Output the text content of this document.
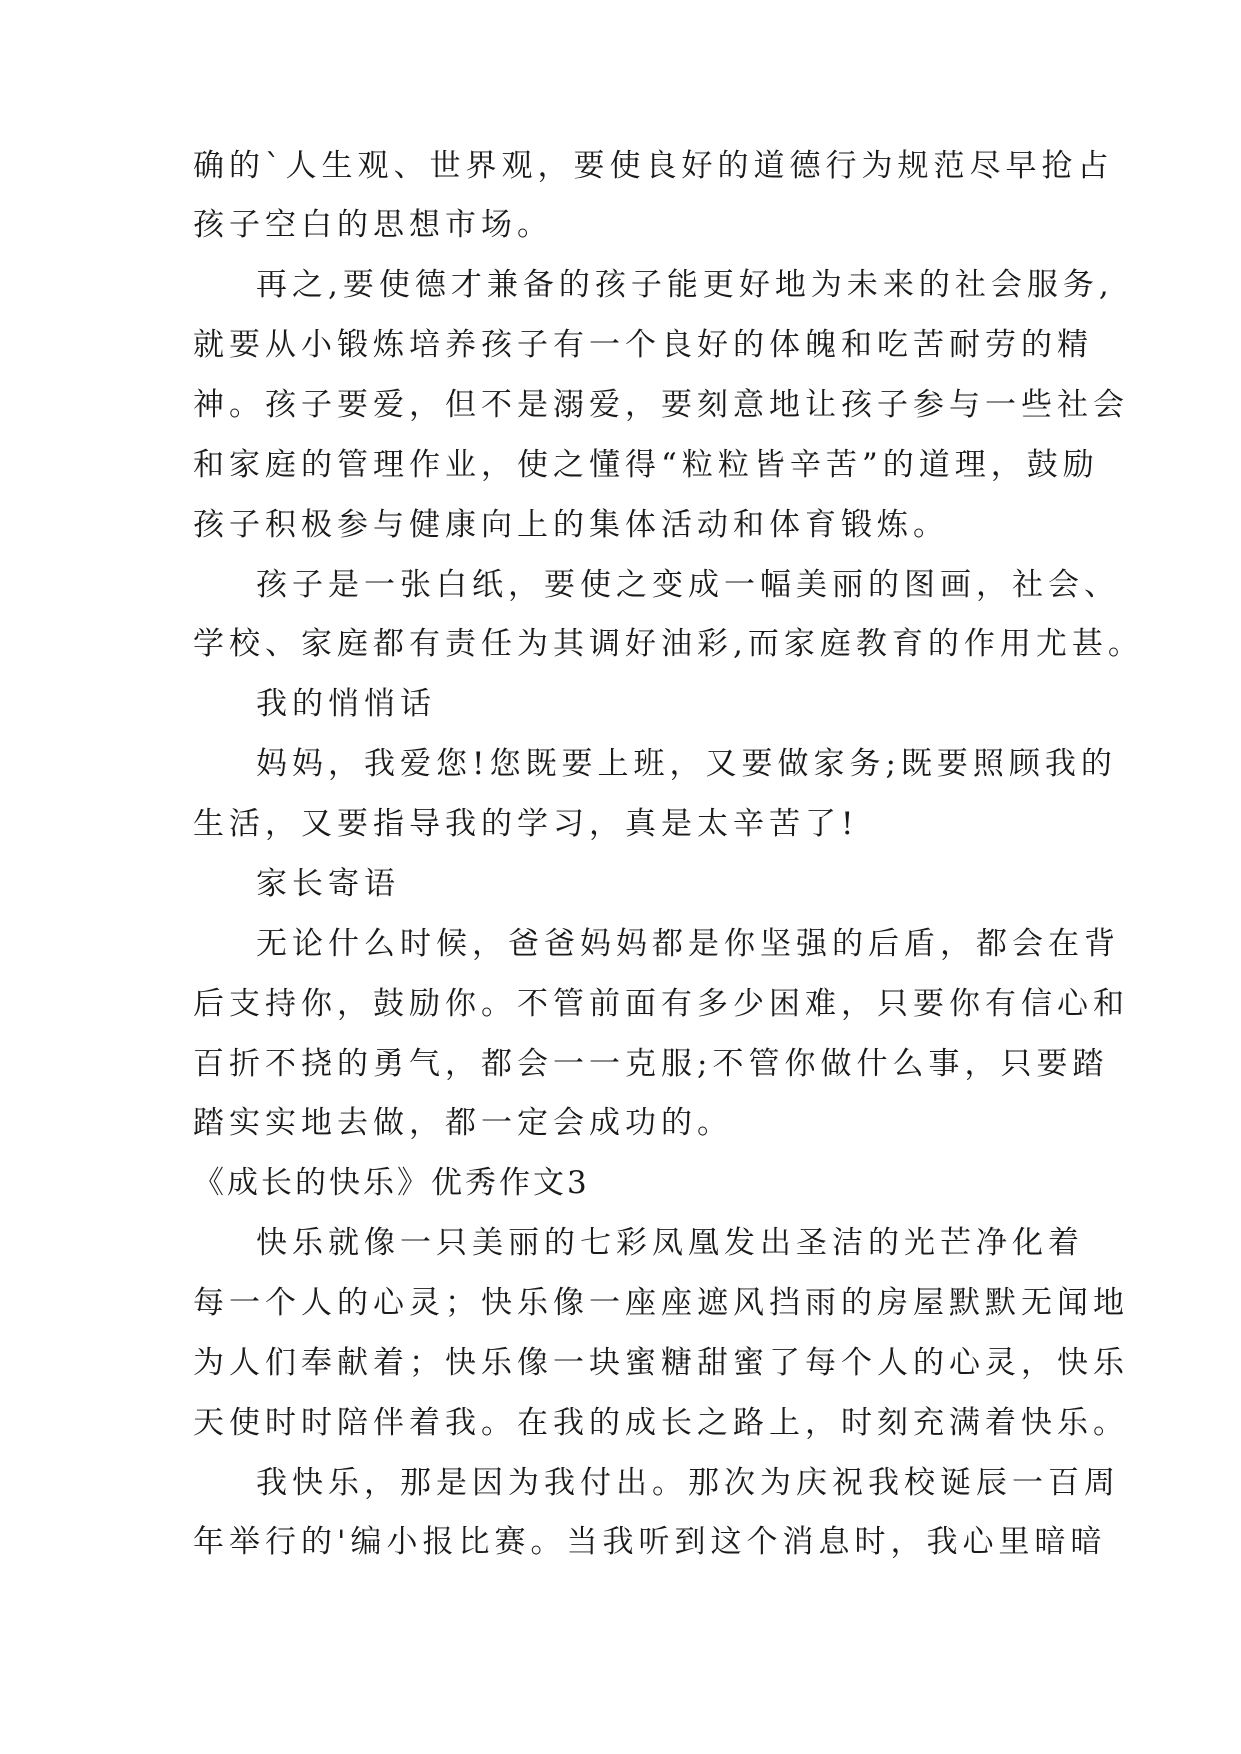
确的`人生观、世界观，要使良好的道德行为规范尽早抢占
孩子空白的思想市场。
再之,要使德才兼备的孩子能更好地为未来的社会服务,
就要从小锻炼培养孩子有一个良好的体魄和吃苦耐劳的精
神。孩子要爱，但不是溺爱，要刻意地让孩子参与一些社会
和家庭的管理作业，使之懂得“粒粒皆辛苦”的道理，鼓励
孩子积极参与健康向上的集体活动和体育锻炼。
孩子是一张白纸，要使之变成一幅美丽的图画，社会、
学校、家庭都有责任为其调好油彩,而家庭教育的作用尤甚。
我的悄悄话
妈妈，我爱您!您既要上班，又要做家务;既要照顾我的
生活，又要指导我的学习，真是太辛苦了!
家长寄语
无论什么时候，爸爸妈妈都是你坚强的后盾，都会在背
后支持你，鼓励你。不管前面有多少困难，只要你有信心和
百折不挠的勇气，都会一一克服;不管你做什么事，只要踏
踏实实地去做，都一定会成功的。
《成长的快乐》优秀作文3
快乐就像一只美丽的七彩凤凰发出圣洁的光芒净化着
每一个人的心灵；快乐像一座座遮风挡雨的房屋默默无闻地
为人们奉献着；快乐像一块蜜糖甜蜜了每个人的心灵，快乐
天使时时陪伴着我。在我的成长之路上，时刻充满着快乐。
我快乐，那是因为我付出。那次为庆祝我校诞辰一百周
年举行的'编小报比赛。当我听到这个消息时，我心里暗暗
